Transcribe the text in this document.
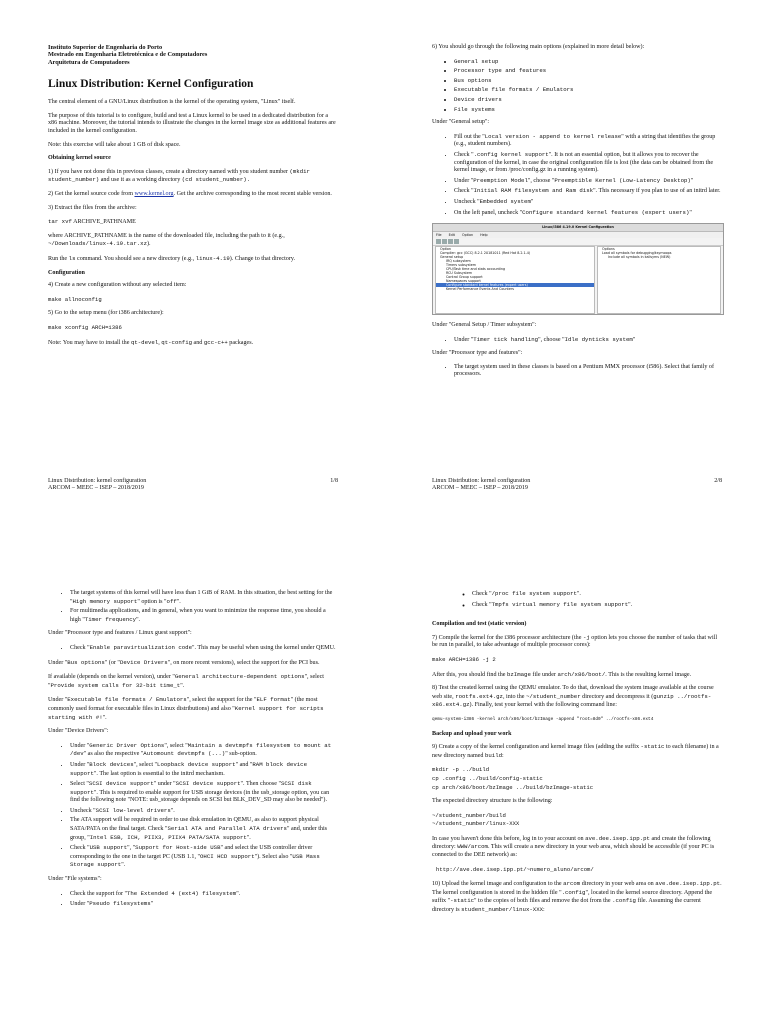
Instituto Superior de Engenharia do Porto
Mestrado em Engenharia Eletrotécnica e de Computadores
Arquitetura de Computadores
Linux Distribution: Kernel Configuration

The central element of a GNU/Linux distribution is the kernel of the operating system, "Linux" itself.

The purpose of this tutorial is to configure, build and test a Linux kernel to be used in a dedicated distribution for a x86 machine. Moreover, the tutorial intends to illustrate the changes in the kernel image size as additional features are included in the kernel configuration.

Note: this exercise will take about 1 GB of disk space.

Obtaining kernel source

1) If you have not done this in previous classes, create a directory named with you student number (mkdir student_number) and use it as a working directory (cd student_number).

2) Get the kernel source code from www.kernel.org. Get the archive corresponding to the most recent stable version.

3) Extract the files from the archive:

tar xvf ARCHIVE_PATHNAME

where ARCHIVE_PATHNAME is the name of the downloaded file, including the path to it (e.g., ~/Downloads/linux-4.19.tar.xz).

Run the ls command. You should see a new directory (e.g., linux-4.19). Change to that directory.

Configuration

4) Create a new configuration without any selected item:

make allnoconfig

5) Go to the setup menu (for i386 architecture):

make xconfig ARCH=i386

Note: You may have to install the qt-devel, qt-config and gcc-c++ packages.

Linux Distribution: kernel configuration
ARCOM – MEEC – ISEP – 2018/2019
1/8

6) You should go through the following main options (explained in more detail below):

• General setup
• Processor type and features
• Bus options
• Executable file formats / Emulators
• Device drivers
• File systems

Under "General setup":

• Fill out the "Local version - append to kernel release" with a string that identifies the group (e.g., student numbers).
• Check ".config kernel support". It is not an essential option, but it allows you to recover the configuration of the kernel, in case the original configuration file is lost (the data can be obtained from the kernel image, or from /proc/config.gz in a running system).
• Under "Preemption Model", choose "Preemptible Kernel (Low-Latency Desktop)"
• Check "Initial RAM filesystem and Ram disk". This necessary if you plan to use of an initrd later.
• Uncheck "Embedded system"
• On the left panel, uncheck "Configure standard kernel features (expert users)"
Linux/i386 4.19.0 Kernel Configuration
File Edit Option Help
Option
Compiler: gcc (GCC) 8.2.1 20181011 (Red Hat 8.2.1-4)
General setup
IRQ subsystem
Timers subsystem
CPU/Task time and stats accounting
RCU Subsystem
Control Group support
Namespaces support
Configure standard kernel features (expert users)
Kernel Performance Events And Counters
Options
Load all symbols for debugging/ksymoops
Include all symbols in kallsyms (NEW)

Under "General Setup / Timer subsystem":

• Under "Timer tick handling", choose "Idle dynticks system"

Under "Processor type and features":

• The target system used in these classes is based on a Pentium MMX processor (i586). Select that family of processors.
Linux Distribution: kernel configuration
ARCOM – MEEC – ISEP – 2018/2019
2/8
• The target systems of this kernel will have less than 1 GiB of RAM. In this situation, the best setting for the "High memory support" option is "off".
• For multimedia applications, and in general, when you want to minimize the response time, you should a high "Timer frequency".

Under "Processor type and features / Linux guest support":

• Check "Enable paravirtualization code". This may be useful when using the kernel under QEMU.

Under "Bus options" (or "Device Drivers", on more recent versions), select the support for the PCI bus.

If available (depends on the kernel version), under "General architecture-dependent options", select "Provide system calls for 32-bit time_t".

Under "Executable file formats / Emulators", select the support for the "ELF format" (the most commonly used format for executable files in Linux distributions) and also "Kernel support for scripts starting with #!".

Under "Device Drivers":

• Under "Generic Driver Options", select "Maintain a devtmpfs filesystem to mount at /dev" as also the respective "Automount devtmpfs (...)" sub-option.
• Under "Block devices", select "Loopback device support" and "RAM block device support". The last option is essential to the initrd mechanism.
• Select "SCSI device support" under "SCSI device support". Then choose "SCSI disk support". This is required to enable support for USB storage devices (in the usb_storage option, you can find the following note "NOTE: usb_storage depends on SCSI but BLK_DEV_SD may also be needed").
• Uncheck "SCSI low-level drivers".
• The ATA support will be required in order to use disk emulation in QEMU, as also to support physical SATA/PATA on the final target. Check "Serial ATA and Parallel ATA drivers" and, under this group, "Intel ESB, ICH, PIIX3, PIIX4 PATA/SATA support".
• Check "USB support", "Support for Host-side USB" and select the USB controller driver corresponding to the one in the target PC (USB 1.1, "OHCI HCD support"). Select also "USB Mass Storage support".

Under "File systems":

• Check the support for "The Extended 4 (ext4) filesystem".
• Under "Pseudo filesystems"
◦ Check "/proc file system support".
◦ Check "Tmpfs virtual memory file system support".
Compilation and test (static version)

7) Compile the kernel for the i386 processor architecture (the -j option lets you choose the number of tasks that will be run in parallel, to take advantage of multiple processor cores):

make ARCH=i386 -j 2

After this, you should find the bzImage file under arch/x86/boot/. This is the resulting kernel image.

8) Test the created kernel using the QEMU emulator. To do that, download the system image available at the course web site, rootfs.ext4.gz, into the ~/student_number directory and decompress it (gunzip ../rootfs-x86.ext4.gz). Finally, test your kernel with the following command line:

qemu-system-i386 -kernel arch/x86/boot/bzImage -append "root=8d0" ../rootfs-x86.ext4
Backup and upload your work

9) Create a copy of the kernel configuration and kernel image files (adding the suffix -static to each filename) in a new directory named build:

mkdir -p ../build
cp .config ../build/config-static
cp arch/x86/boot/bzImage ../build/bzImage-static

The expected directory structure is the following:

~/student_number/build
~/student_number/linux-XXX

In case you haven't done this before, log in to your account on ave.dee.isep.ipp.pt and create the following directory: WWW/arcom. This will create a new directory in your web area, which should be accessible (if your PC is connected to the DEE network) as:

http://ave.dee.isep.ipp.pt/~numero_aluno/arcom/

10) Upload the kernel image and configuration to the arcom directory in your web area on ave.dee.isep.ipp.pt. The kernel configuration is stored in the hidden file ".config", located in the kernel source directory. Append the suffix "-static" to the copies of both files and remove the dot from the .config file. Assuming the current directory is student_number/linux-XXX:
